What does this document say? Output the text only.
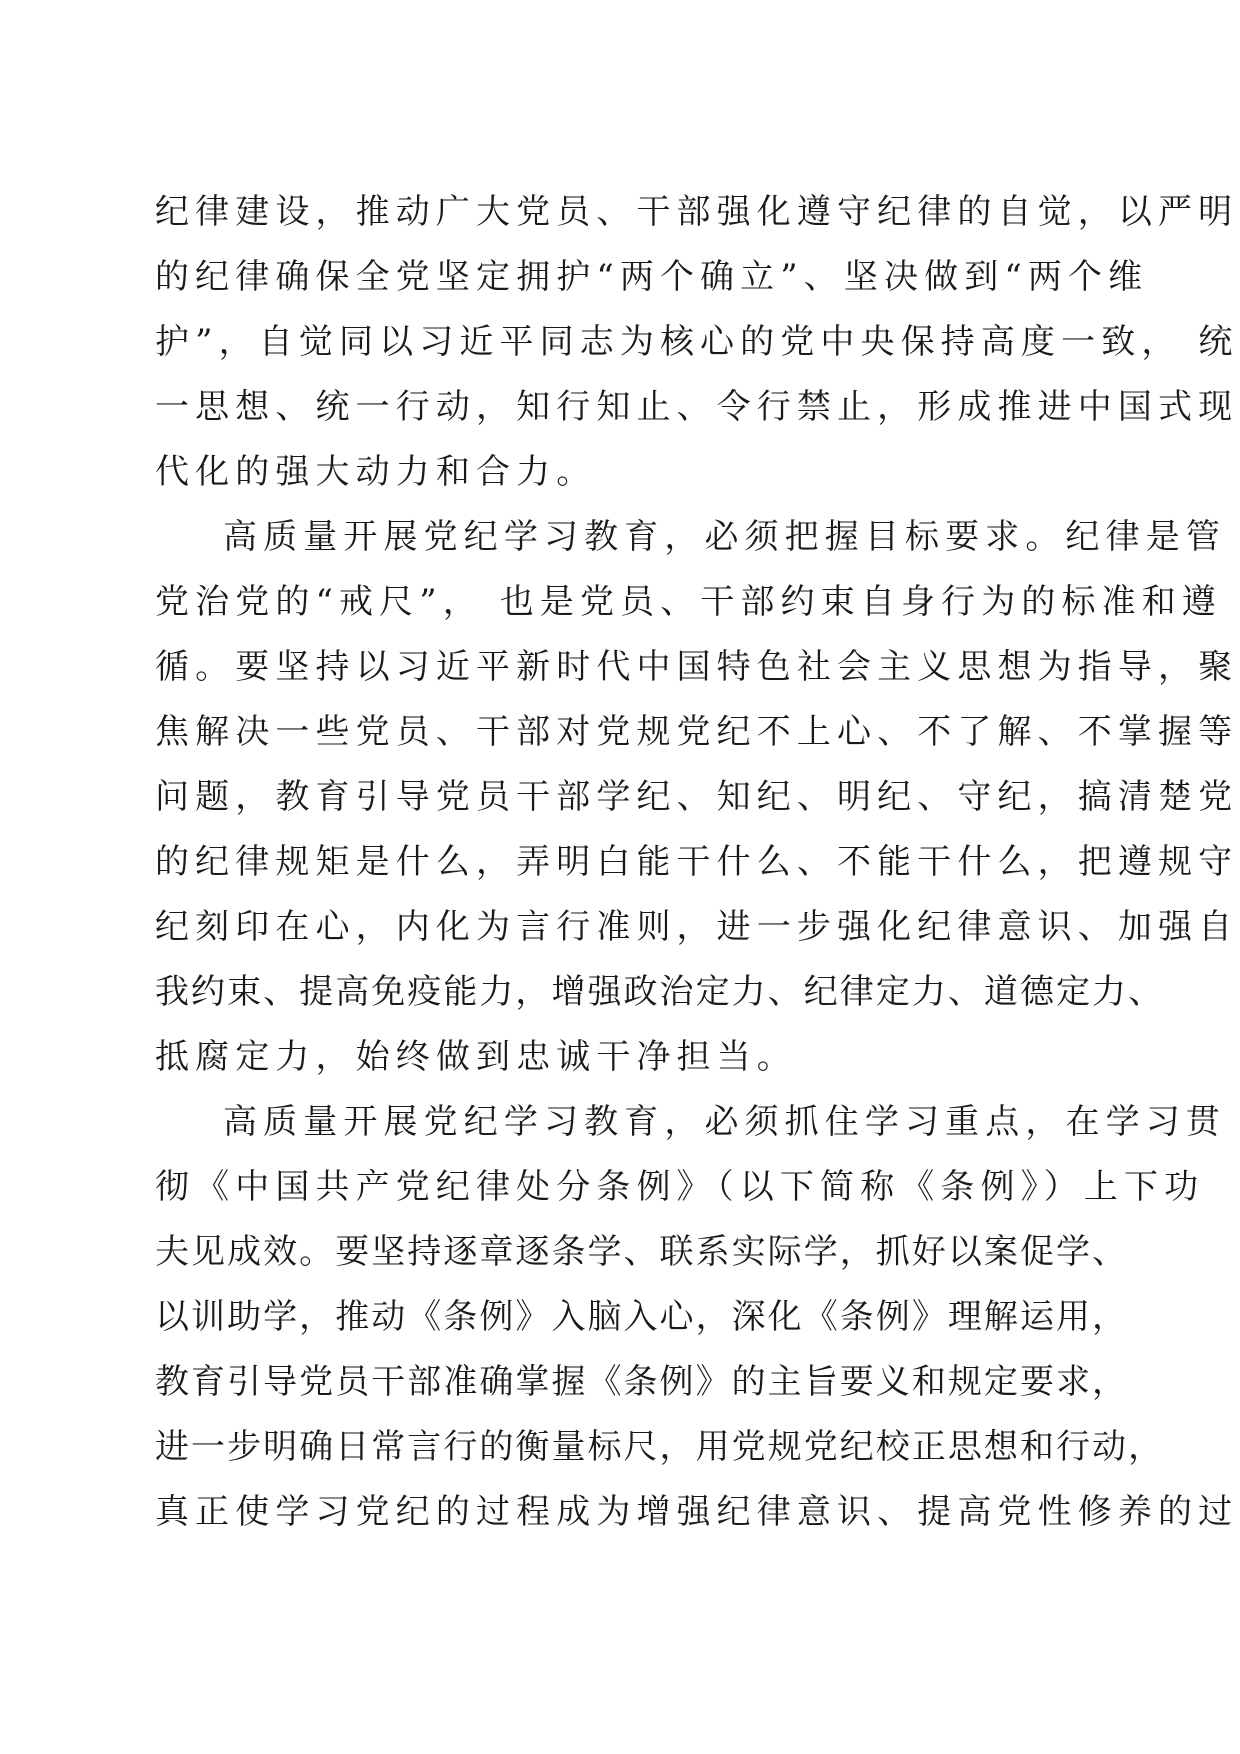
纪律建设，推动广大党员、干部强化遵守纪律的自觉，以严明
的纪律确保全党坚定拥护“两个确立”、坚决做到“两个维
护”，自觉同以习近平同志为核心的党中央保持高度一致， 统
一思想、统一行动，知行知止、令行禁止，形成推进中国式现
代化的强大动力和合力。
高质量开展党纪学习教育，必须把握目标要求。纪律是管
党治党的“戒尺”， 也是党员、干部约束自身行为的标准和遵
循。要坚持以习近平新时代中国特色社会主义思想为指导，聚
焦解决一些党员、干部对党规党纪不上心、不了解、不掌握等
问题，教育引导党员干部学纪、知纪、明纪、守纪，搞清楚党
的纪律规矩是什么，弄明白能干什么、不能干什么，把遵规守
纪刻印在心，内化为言行准则，进一步强化纪律意识、加强自
我约束、提高免疫能力，增强政治定力、纪律定力、道德定力、
抵腐定力，始终做到忠诚干净担当。
高质量开展党纪学习教育，必须抓住学习重点，在学习贯
彻《中国共产党纪律处分条例》（以下简称《条例》）上下功
夫见成效。要坚持逐章逐条学、联系实际学，抓好以案促学、
以训助学，推动《条例》入脑入心，深化《条例》理解运用，
教育引导党员干部准确掌握《条例》的主旨要义和规定要求，
进一步明确日常言行的衡量标尺，用党规党纪校正思想和行动，
真正使学习党纪的过程成为增强纪律意识、提高党性修养的过
